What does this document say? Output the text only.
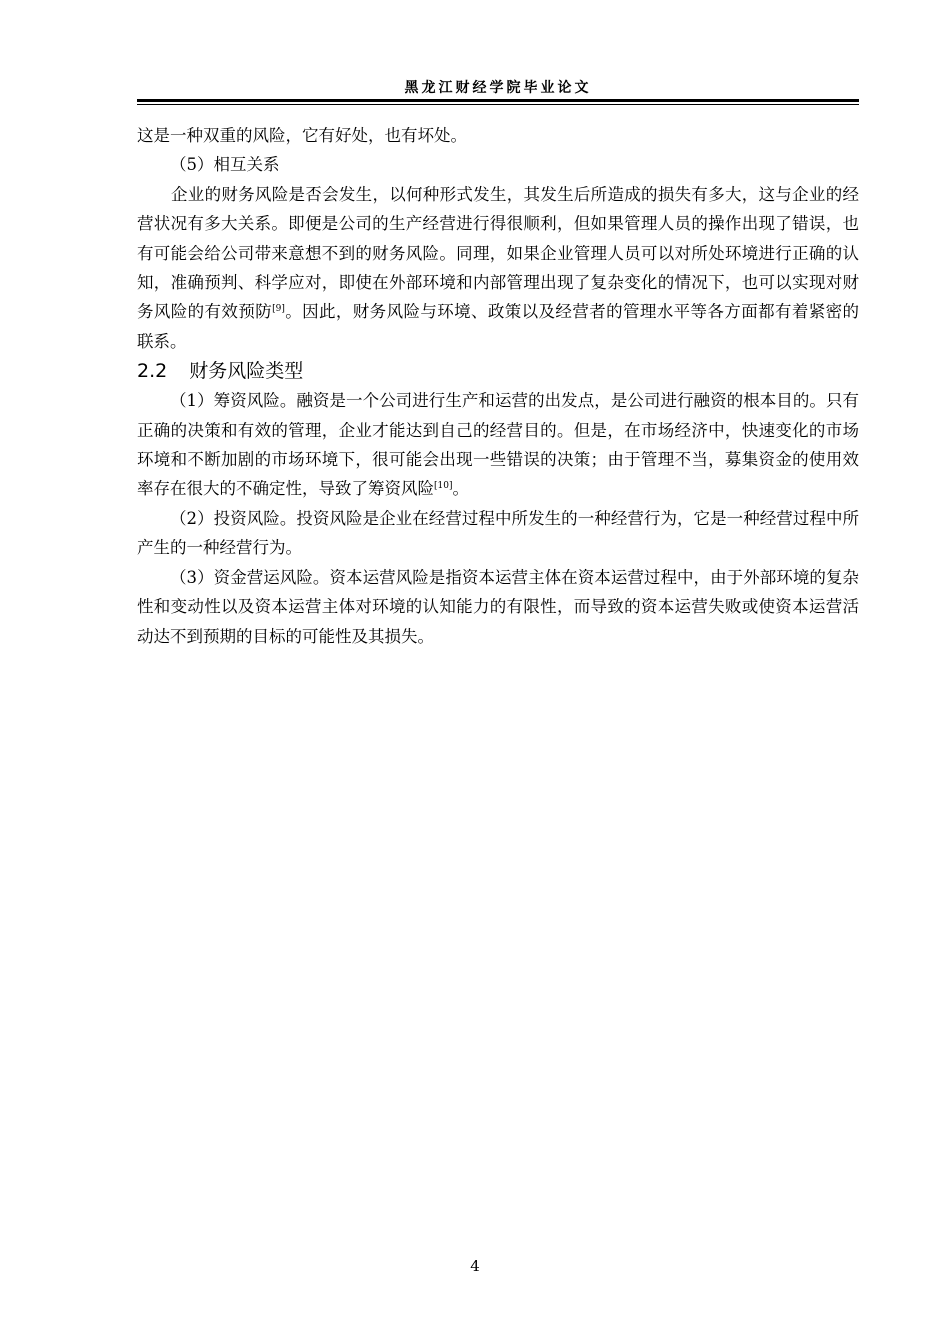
黑龙江财经学院毕业论文

这是一种双重的风险，它有好处，也有坏处。

（5）相互关系

企业的财务风险是否会发生，以何种形式发生，其发生后所造成的损失有多大，这与企业的经营状况有多大关系。即便是公司的生产经营进行得很顺利，但如果管理人员的操作出现了错误，也有可能会给公司带来意想不到的财务风险。同理，如果企业管理人员可以对所处环境进行正确的认知，准确预判、科学应对，即使在外部环境和内部管理出现了复杂变化的情况下，也可以实现对财务风险的有效预防[9]。因此，财务风险与环境、政策以及经营者的管理水平等各方面都有着紧密的联系。

2.2 财务风险类型

（1）筹资风险。融资是一个公司进行生产和运营的出发点，是公司进行融资的根本目的。只有正确的决策和有效的管理，企业才能达到自己的经营目的。但是，在市场经济中，快速变化的市场环境和不断加剧的市场环境下，很可能会出现一些错误的决策；由于管理不当，募集资金的使用效率存在很大的不确定性，导致了筹资风险[10]。

（2）投资风险。投资风险是企业在经营过程中所发生的一种经营行为，它是一种经营过程中所产生的一种经营行为。

（3）资金营运风险。资本运营风险是指资本运营主体在资本运营过程中，由于外部环境的复杂性和变动性以及资本运营主体对环境的认知能力的有限性，而导致的资本运营失败或使资本运营活动达不到预期的目标的可能性及其损失。

4
